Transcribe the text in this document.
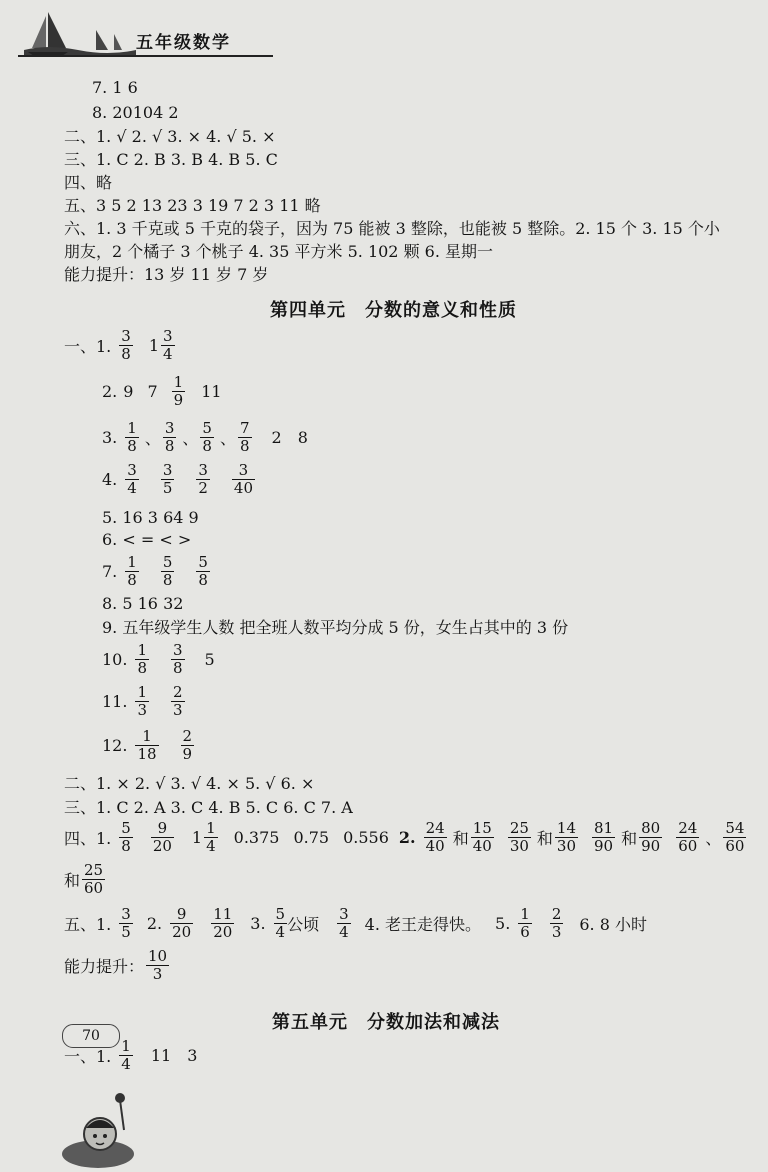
五年级数学
7. 1 6
8. 20104 2
二、1. √ 2. √ 3. × 4. √ 5. ×
三、1. C 2. B 3. B 4. B 5. C
四、略
五、3 5 2 13 23 3 19 7 2 3 11 略
六、1. 3 千克或 5 千克的袋子，因为 75 能被 3 整除，也能被 5 整除。2. 15 个 3. 15 个小
朋友，2 个橘子 3 个桃子 4. 35 平方米 5. 102 颗 6. 星期一
能力提升：13 岁 11 岁 7 岁
第四单元　分数的意义和性质
一、1. $\frac{3}{8} 1 \frac{3}{4}$
2. 9 $7 \frac{1}{9} 11$
3. $\frac{1}{8}$ 、 $\frac{3}{8}$ 、 $\frac{5}{8}$ 、 $\frac{7}{8} 2$ 8
4. $\frac{3}{4} \frac{3}{5} \frac{3}{2} \frac{3}{40}$
5. 16 3 64 9
6. < = < >
7. $\frac{1}{8} \frac{5}{8} \frac{5}{8}$
8. 5 16 32
9. 五年级学生人数 把全班人数平均分成 5 份，女生占其中的 3 份
10. $\frac{1}{8} \frac{3}{8} 5$
11. $\frac{1}{3} \frac{2}{3}$
12. $\frac{1}{18} \frac{2}{9}$
二、1. × 2. √ 3. √ 4. × 5. √ 6. ×
三、1. C 2. A 3. C 4. B 5. C 6. C 7. A
四、1. $\frac{5}{8} \frac{9}{20} 1 \frac{1}{4} 0.375$ 0.75 0.556 2. $\frac{24}{40}$ 和 $\frac{15}{40} \frac{25}{30}$ 和 $\frac{14}{30} \frac{81}{90}$ 和 $\frac{80}{90} \frac{24}{60}$ 、 $\frac{54}{60}$
和 $\frac{25}{60}$
五、1. $\frac{3}{5} 2$. $\frac{9}{20} \frac{11}{20} 3$. $\frac{5}{4}$ 公顷 $\frac{3}{4} 4$. 老王走得快。 5. $\frac{1}{6} \frac{2}{3} 6$. 8 小时
能力提升： $\frac{10}{3}$
第五单元　分数加法和减法
一、1. $\frac{1}{4} 11$ 3
70
